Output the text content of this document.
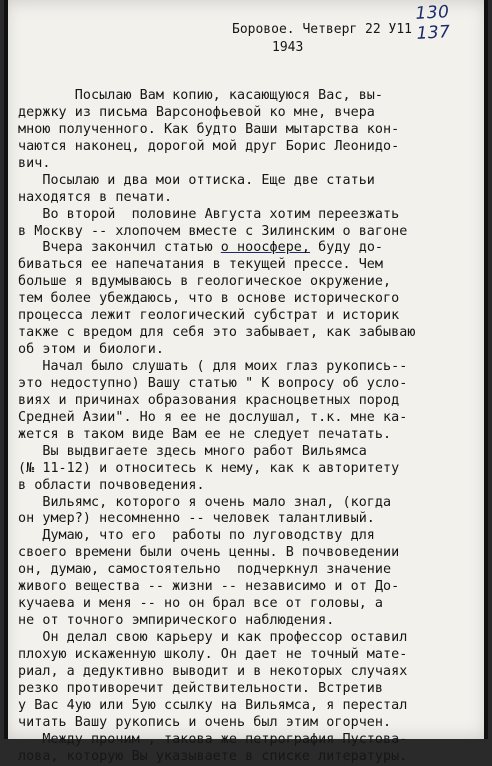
130 137
Боровое. Четверг 22 У11
1943
Посылаю Вам копию, касающуюся Вас, вы-
держку из письма Варсонофьевой ко мне, вчера
мною полученного. Как будто Ваши мытарства кон-
чаются наконец, дорогой мой друг Борис Леонидо-
вич.
Посылаю и два мои оттиска. Еще две статьи
находятся в печати.
Во второй  половине Августа хотим переезжать
в Москву -- хлопочем вместе с Зилинским о вагоне
Вчера закончил статью о ноосфере, буду до-
биваться ее напечатания в текущей прессе. Чем
больше я вдумываюсь в геологическое окружение,
тем более убеждаюсь, что в основе исторического
процесса лежит геологический субстрат и историк
также с вредом для себя это забывает, как забываю
об этом и биологи.
Начал было слушать ( для моих глаз рукопись--
это недоступно) Вашу статью " К вопросу об усло-
виях и причинах образования красноцветных пород
Средней Азии". Но я ее не дослушал, т.к. мне ка-
жется в таком виде Вам ее не следует печатать.
Вы выдвигаете здесь много работ Вильямса
(№ 11-12) и относитесь к нему, как к авторитету
в области почвоведения.
Вильямс, которого я очень мало знал, (когда
он умер?) несомненно -- человек талантливый.
Думаю, что его  работы по луговодству для
своего времени были очень ценны. В почвоведении
он, думаю, самостоятельно  подчеркнул значение
живого вещества -- жизни -- независимо и от До-
кучаева и меня -- но он брал все от головы, а
не от точного эмпирического наблюдения.
Он делал свою карьеру и как профессор оставил
плохую искаженную школу. Он дает не точный мате-
риал, а дедуктивно выводит и в некоторых случаях
резко противоречит действительности. Встретив
у Вас 4ую или 5ую ссылку на Вильямса, я перестал
читать Вашу рукопись и очень был этим огорчен.
Между прочим , такова же петрография Пустова-
лова, которую Вы указываете в списке литературы.
